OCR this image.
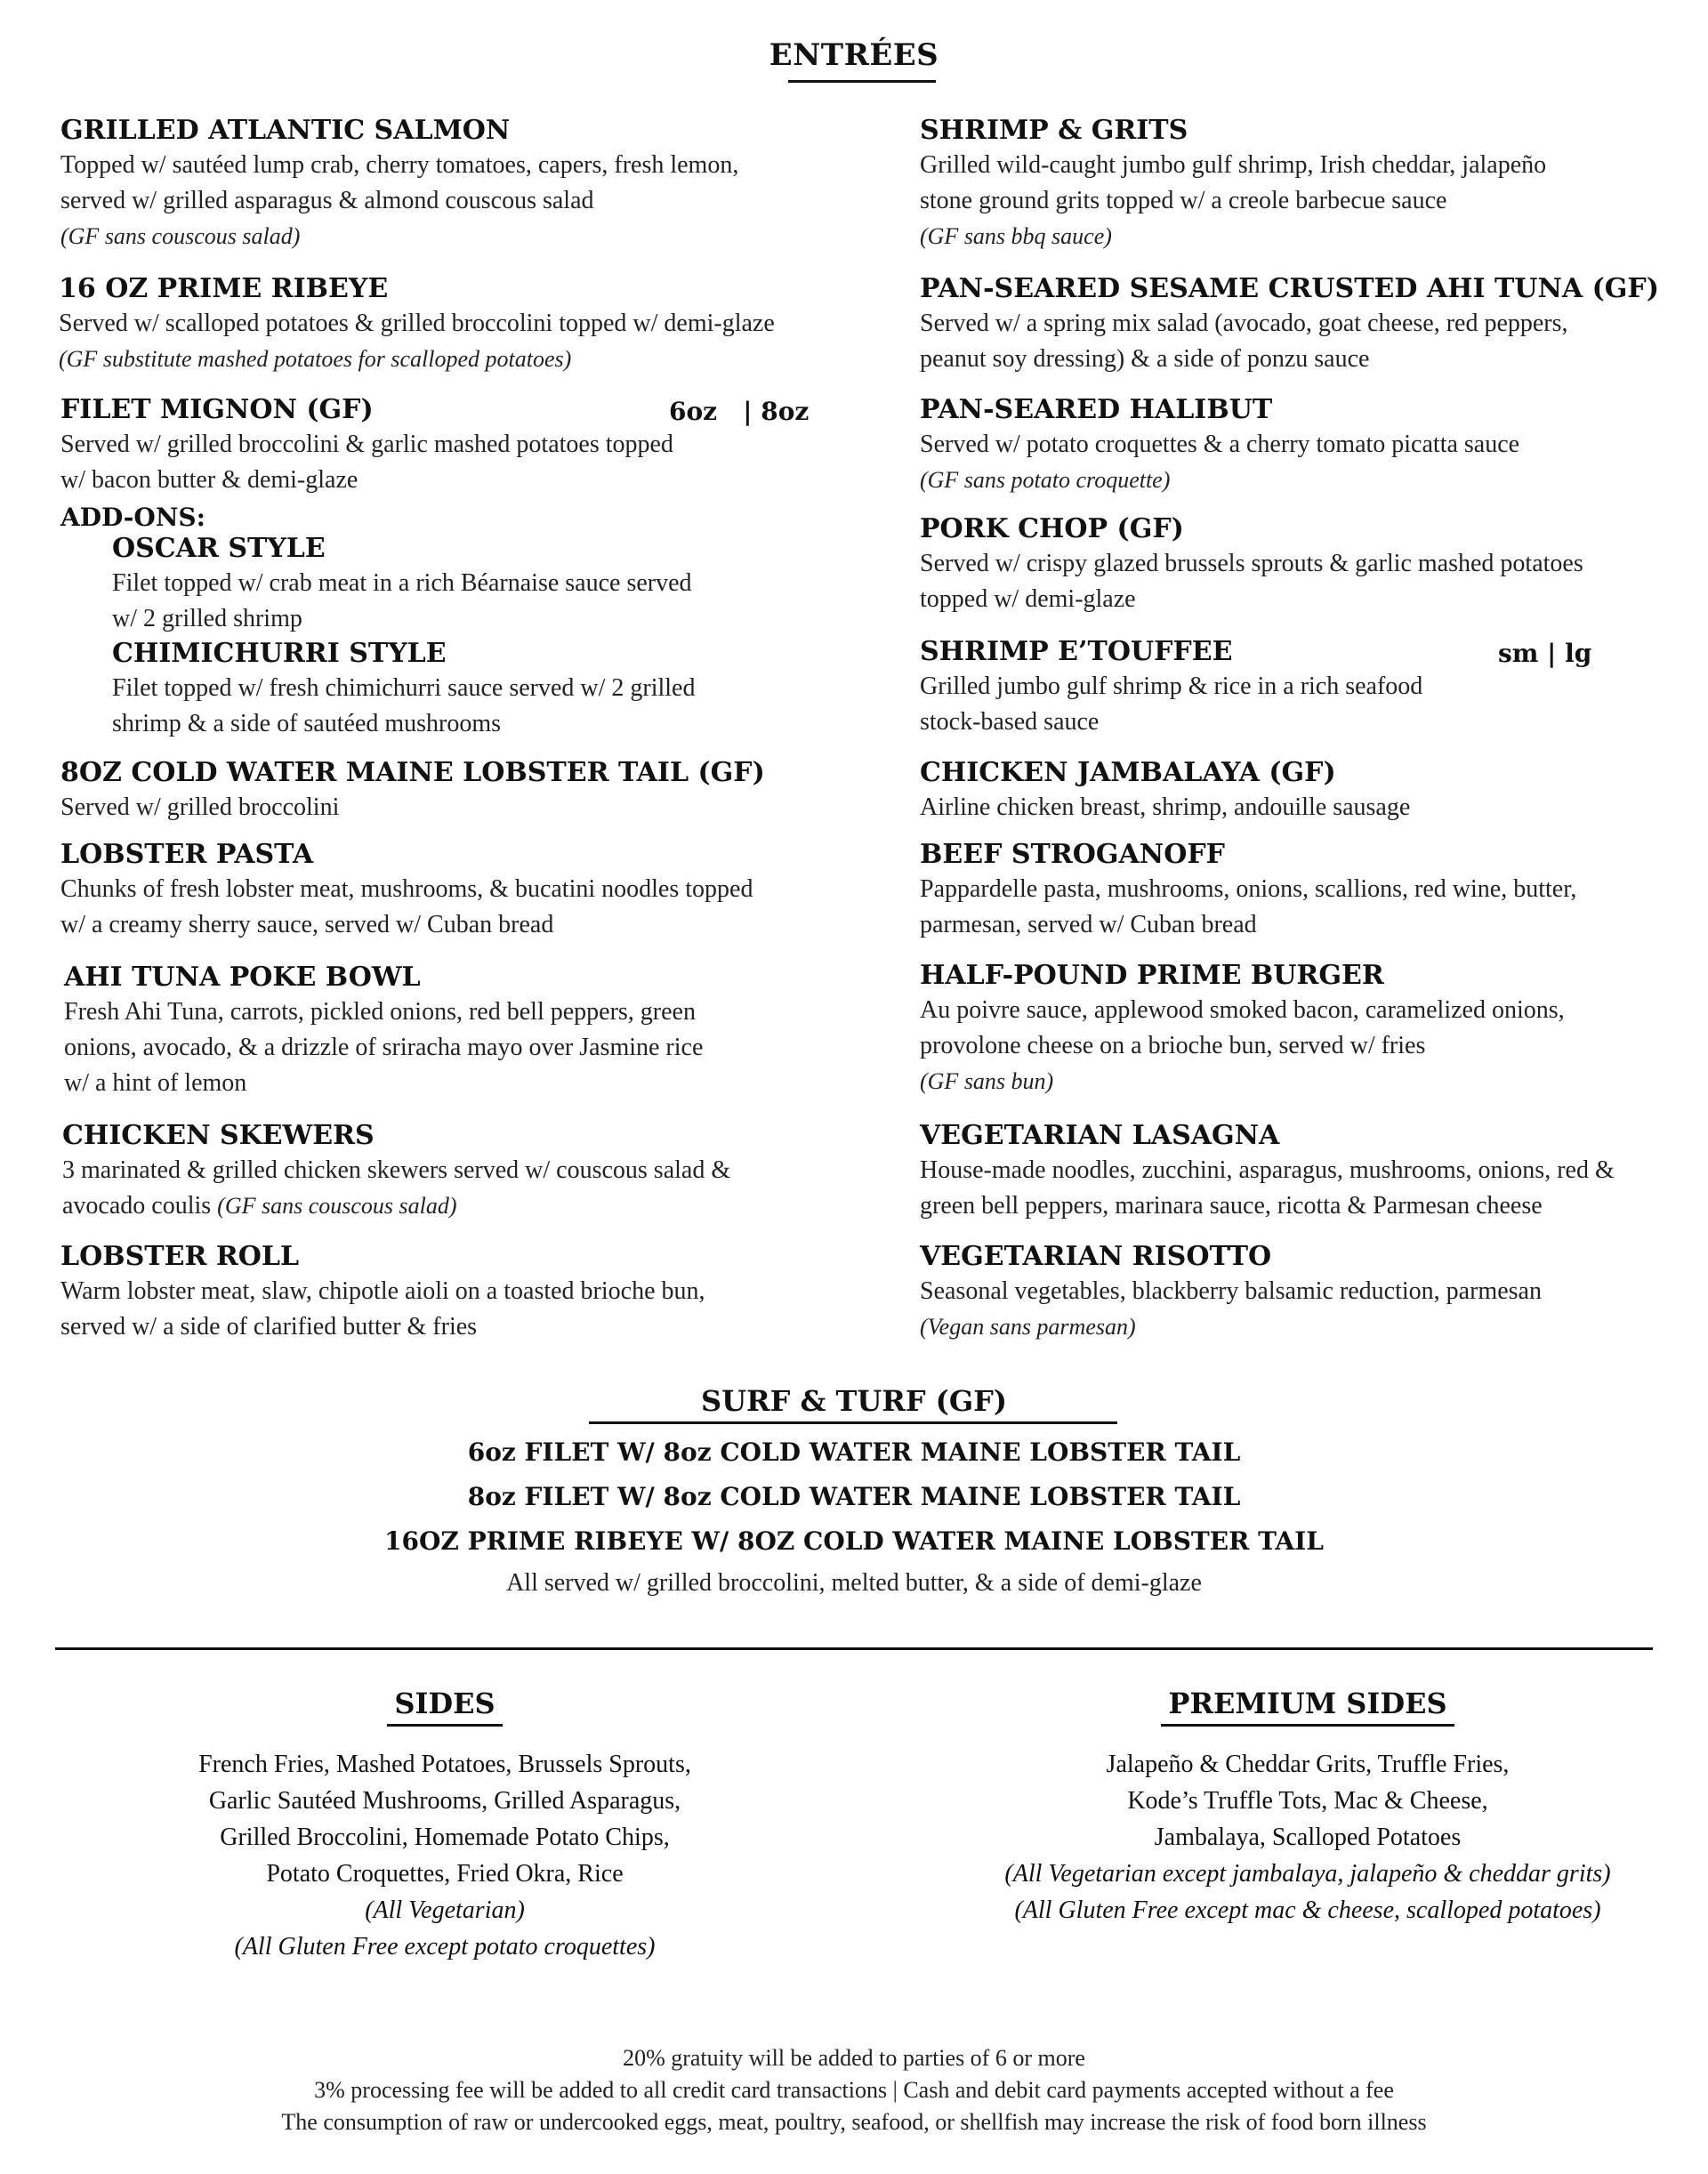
ENTRÉES
GRILLED ATLANTIC SALMON
Topped w/ sautéed lump crab, cherry tomatoes, capers, fresh lemon,
served w/ grilled asparagus & almond couscous salad
(GF sans couscous salad)
16 OZ PRIME RIBEYE
Served w/ scalloped potatoes & grilled broccolini topped w/ demi-glaze
(GF substitute mashed potatoes for scalloped potatoes)
FILET MIGNON (GF)
Served w/ grilled broccolini & garlic mashed potatoes topped
w/ bacon butter & demi-glaze
6oz   | 8oz
ADD-ONS:
OSCAR STYLE
Filet topped w/ crab meat in a rich Béarnaise sauce served
w/ 2 grilled shrimp
CHIMICHURRI STYLE
Filet topped w/ fresh chimichurri sauce served w/ 2 grilled
shrimp & a side of sautéed mushrooms
8OZ COLD WATER MAINE LOBSTER TAIL (GF)
Served w/ grilled broccolini
LOBSTER PASTA
Chunks of fresh lobster meat, mushrooms, & bucatini noodles topped
w/ a creamy sherry sauce, served w/ Cuban bread
AHI TUNA POKE BOWL
Fresh Ahi Tuna, carrots, pickled onions, red bell peppers, green
onions, avocado, & a drizzle of sriracha mayo over Jasmine rice
w/ a hint of lemon
CHICKEN SKEWERS
3 marinated & grilled chicken skewers served w/ couscous salad &
avocado coulis (GF sans couscous salad)
LOBSTER ROLL
Warm lobster meat, slaw, chipotle aioli on a toasted brioche bun,
served w/ a side of clarified butter & fries
SHRIMP & GRITS
Grilled wild-caught jumbo gulf shrimp, Irish cheddar, jalapeño
stone ground grits topped w/ a creole barbecue sauce
(GF sans bbq sauce)
PAN-SEARED SESAME CRUSTED AHI TUNA (GF)
Served w/ a spring mix salad (avocado, goat cheese, red peppers,
peanut soy dressing) & a side of ponzu sauce
PAN-SEARED HALIBUT
Served w/ potato croquettes & a cherry tomato picatta sauce
(GF sans potato croquette)
PORK CHOP (GF)
Served w/ crispy glazed brussels sprouts & garlic mashed potatoes
topped w/ demi-glaze
SHRIMP E’TOUFFEE
Grilled jumbo gulf shrimp & rice in a rich seafood
stock-based sauce
sm | lg
CHICKEN JAMBALAYA (GF)
Airline chicken breast, shrimp, andouille sausage
BEEF STROGANOFF
Pappardelle pasta, mushrooms, onions, scallions, red wine, butter,
parmesan, served w/ Cuban bread
HALF-POUND PRIME BURGER
Au poivre sauce, applewood smoked bacon, caramelized onions,
provolone cheese on a brioche bun, served w/ fries
(GF sans bun)
VEGETARIAN LASAGNA
House-made noodles, zucchini, asparagus, mushrooms, onions, red &
green bell peppers, marinara sauce, ricotta & Parmesan cheese
VEGETARIAN RISOTTO
Seasonal vegetables, blackberry balsamic reduction, parmesan
(Vegan sans parmesan)
SURF & TURF (GF)
6oz FILET W/ 8oz COLD WATER MAINE LOBSTER TAIL
8oz FILET W/ 8oz COLD WATER MAINE LOBSTER TAIL
16OZ PRIME RIBEYE W/ 8OZ COLD WATER MAINE LOBSTER TAIL
All served w/ grilled broccolini, melted butter, & a side of demi-glaze
SIDES
French Fries, Mashed Potatoes, Brussels Sprouts,
Garlic Sautéed Mushrooms, Grilled Asparagus,
Grilled Broccolini, Homemade Potato Chips,
Potato Croquettes, Fried Okra, Rice
(All Vegetarian)
(All Gluten Free except potato croquettes)
PREMIUM SIDES
Jalapeño & Cheddar Grits, Truffle Fries,
Kode’s Truffle Tots, Mac & Cheese,
Jambalaya, Scalloped Potatoes
(All Vegetarian except jambalaya, jalapeño & cheddar grits)
(All Gluten Free except mac & cheese, scalloped potatoes)
20% gratuity will be added to parties of 6 or more
3% processing fee will be added to all credit card transactions | Cash and debit card payments accepted without a fee
The consumption of raw or undercooked eggs, meat, poultry, seafood, or shellfish may increase the risk of food born illness
